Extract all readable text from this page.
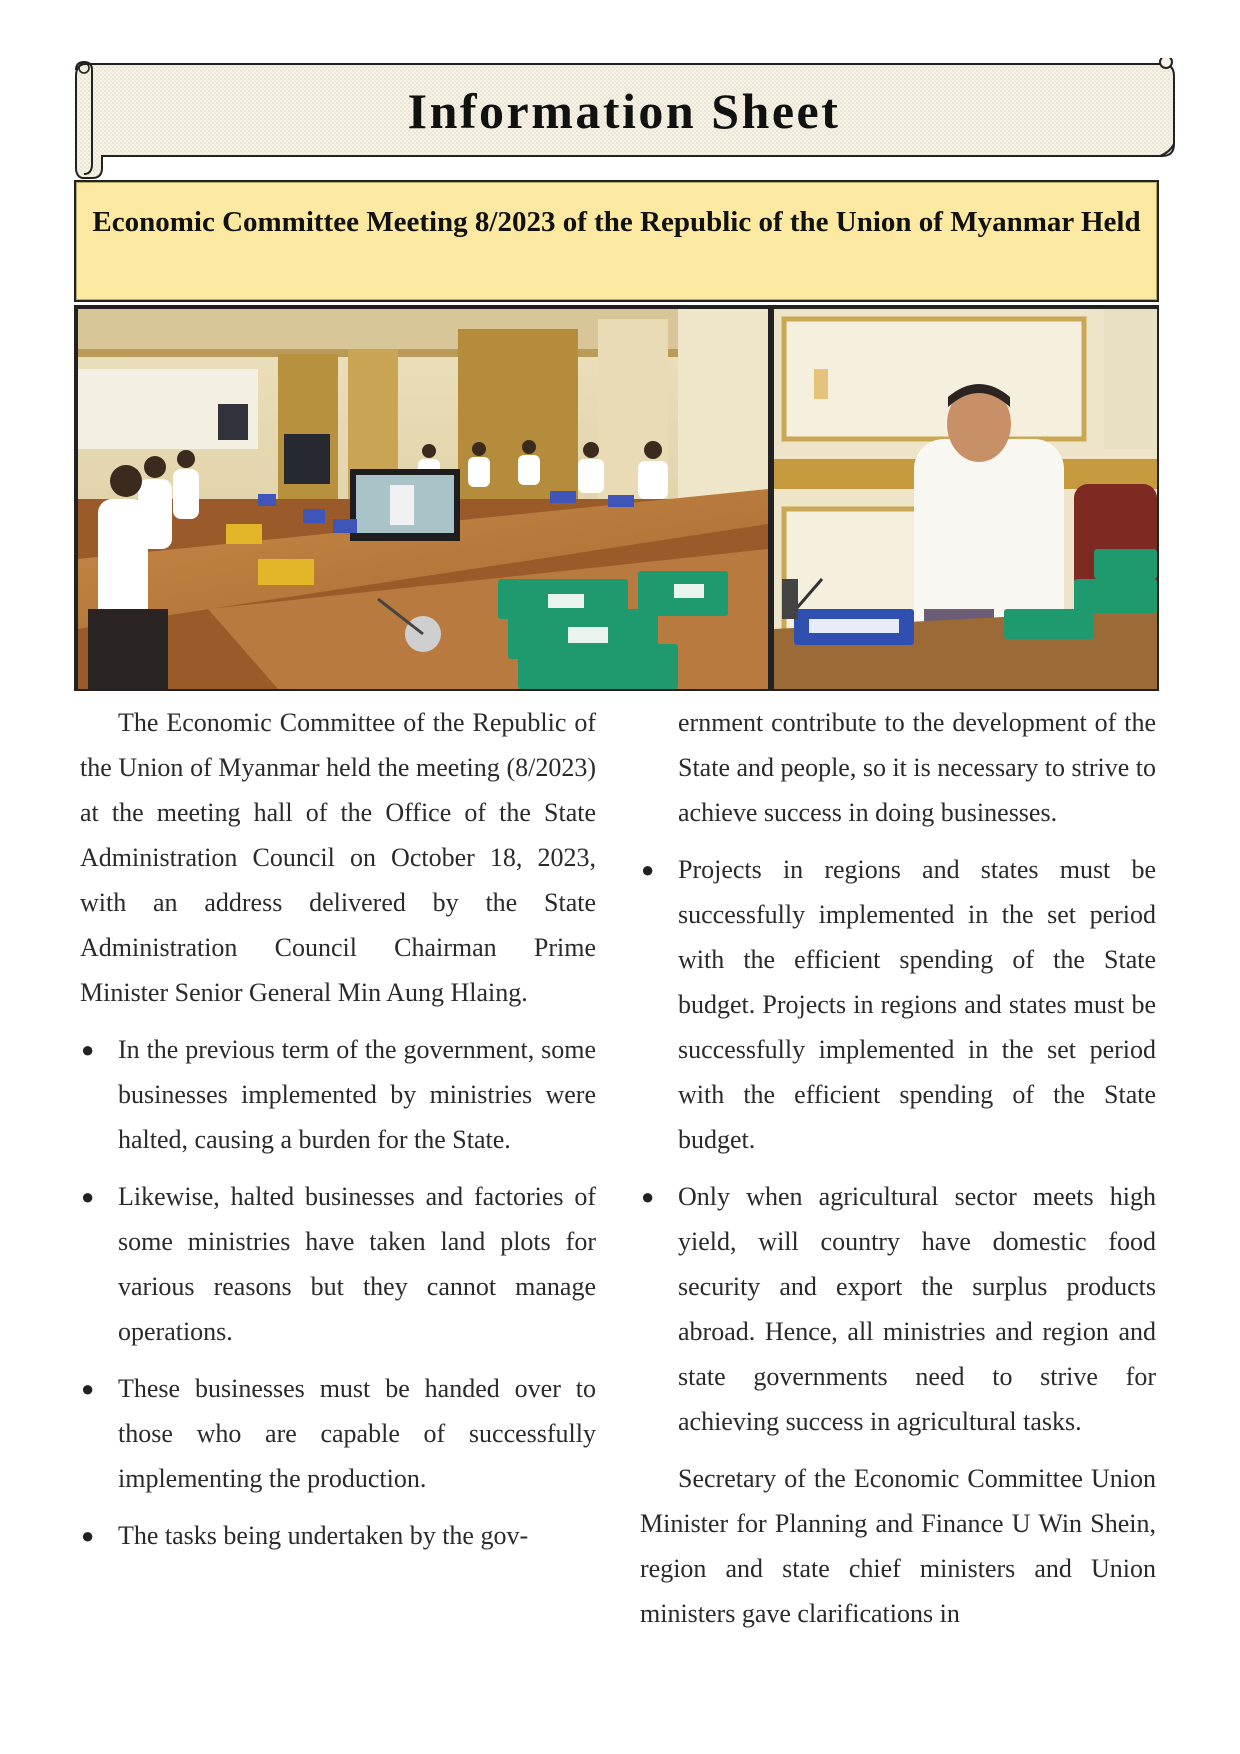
Information Sheet
Economic Committee Meeting 8/2023 of the Republic of the Union of Myanmar Held

The Economic Committee of the Republic of the Union of Myanmar held the meeting (8/2023) at the meeting hall of the Office of the State Administration Council on October 18, 2023, with an address delivered by the State Administration Council Chairman Prime Minister Senior General Min Aung Hlaing.

● In the previous term of the government, some businesses implemented by ministries were halted, causing a burden for the State.
● Likewise, halted businesses and factories of some ministries have taken land plots for various reasons but they cannot manage operations.
● These businesses must be handed over to those who are capable of successfully implementing the production.
● The tasks being undertaken by the gov-

ernment contribute to the development of the State and people, so it is necessary to strive to achieve success in doing businesses.

● Projects in regions and states must be successfully implemented in the set period with the efficient spending of the State budget. Projects in regions and states must be successfully implemented in the set period with the efficient spending of the State budget.
● Only when agricultural sector meets high yield, will country have domestic food security and export the surplus products abroad. Hence, all ministries and region and state governments need to strive for achieving success in agricultural tasks.

Secretary of the Economic Committee Union Minister for Planning and Finance U Win Shein, region and state chief ministers and Union ministers gave clarifications in
